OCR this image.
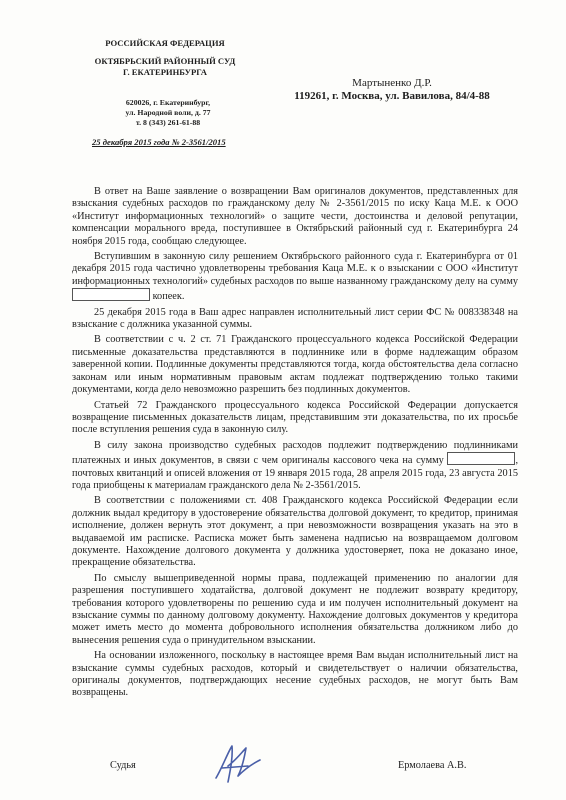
РОССИЙСКАЯ ФЕДЕРАЦИЯ
ОКТЯБРЬСКИЙ РАЙОННЫЙ СУД
Г. ЕКАТЕРИНБУРГА
620026, г. Екатеринбург,
ул. Народной воли, д. 77
т. 8 (343) 261-61-88
25 декабря 2015 года № 2-3561/2015
Мартыненко Д.Р.
119261, г. Москва, ул. Вавилова, 84/4-88

В ответ на Ваше заявление о возвращении Вам оригиналов документов, представленных для взыскания судебных расходов по гражданскому делу № 2-3561/2015 по иску Каца М.Е. к ООО «Институт информационных технологий» о защите чести, достоинства и деловой репутации, компенсации морального вреда, поступившее в Октябрьский районный суд г. Екатеринбурга 24 ноября 2015 года, сообщаю следующее.

Вступившим в законную силу решением Октябрьского районного суда г. Екатеринбурга от 01 декабря 2015 года частично удовлетворены требования Каца М.Е. к о взыскании с ООО «Институт информационных технологий» судебных расходов по выше названному гражданскому делу на сумму  копеек.

25 декабря 2015 года в Ваш адрес направлен исполнительный лист серии ФС № 008338348 на взыскание с должника указанной суммы.

В соответствии с ч. 2 ст. 71 Гражданского процессуального кодекса Российской Федерации письменные доказательства представляются в подлиннике или в форме надлежащим образом заверенной копии. Подлинные документы представляются тогда, когда обстоятельства дела согласно законам или иным нормативным правовым актам подлежат подтверждению только такими документами, когда дело невозможно разрешить без подлинных документов.

Статьей 72 Гражданского процессуального кодекса Российской Федерации допускается возвращение письменных доказательств лицам, представившим эти доказательства, по их просьбе после вступления решения суда в законную силу.

В силу закона производство судебных расходов подлежит подтверждению подлинниками платежных и иных документов, в связи с чем оригиналы кассового чека на сумму	, почтовых квитанций и описей вложения от 19 января 2015 года, 28 апреля 2015 года, 23 августа 2015 года приобщены к материалам гражданского дела № 2-3561/2015.

В соответствии с положениями ст. 408 Гражданского кодекса Российской Федерации если должник выдал кредитору в удостоверение обязательства долговой документ, то кредитор, принимая исполнение, должен вернуть этот документ, а при невозможности возвращения указать на это в выдаваемой им расписке. Расписка может быть заменена надписью на возвращаемом долговом документе. Нахождение долгового документа у должника удостоверяет, пока не доказано иное, прекращение обязательства.

По смыслу вышеприведенной нормы права, подлежащей применению по аналогии для разрешения поступившего ходатайства, долговой документ не подлежит возврату кредитору, требования которого удовлетворены по решению суда и им получен исполнительный документ на взыскание суммы по данному долговому документу. Нахождение долговых документов у кредитора может иметь место до момента добровольного исполнения обязательства должником либо до вынесения решения суда о принудительном взыскании.

На основании изложенного, поскольку в настоящее время Вам выдан исполнительный лист на взыскание суммы судебных расходов, который и свидетельствует о наличии обязательства, оригиналы документов, подтверждающих несение судебных расходов, не могут быть Вам возвращены.

Судья	Ермолаева А.В.
